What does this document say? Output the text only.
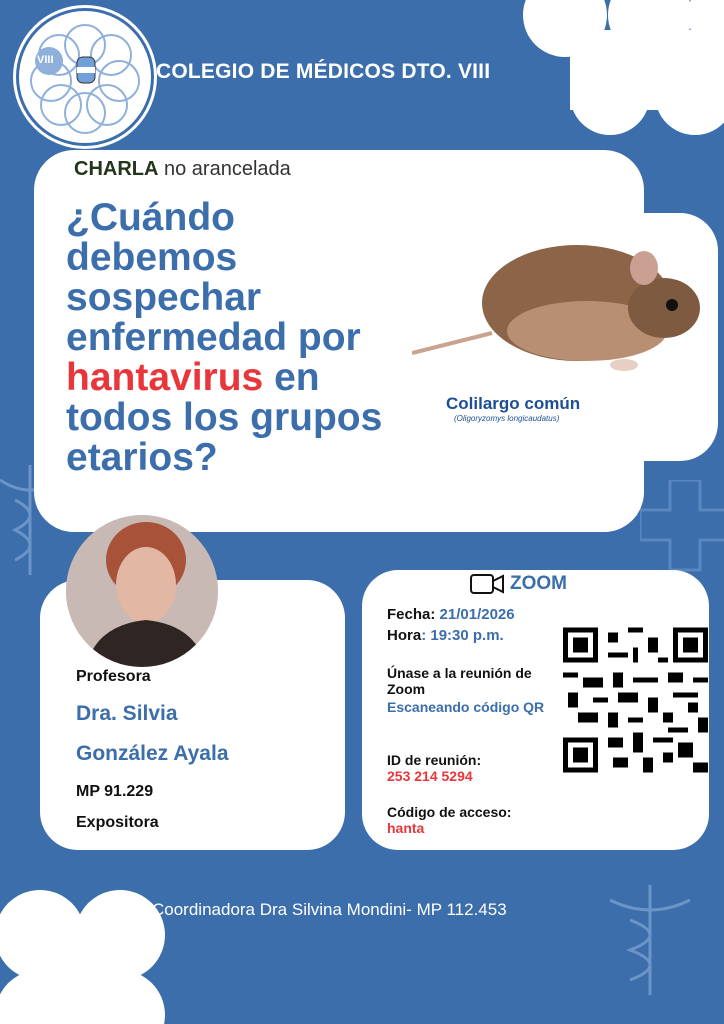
VIII	COLEGIO DE MÉDICOS DTO. VIII
CHARLA no arancelada
¿Cuándo debemos sospechar enfermedad por hantavirus en todos los grupos etarios?
Colilargo común
(Oligoryzomys longicaudatus)
Profesora
Dra. Silvia
González Ayala
MP 91.229
Expositora
ZOOM
Fecha: 21/01/2026
Hora: 19:30 p.m.
Únase a la reunión de Zoom
Escaneando código QR
ID de reunión:
253 214 5294
Código de acceso:
hanta
Coordinadora Dra Silvina Mondini- MP 112.453
